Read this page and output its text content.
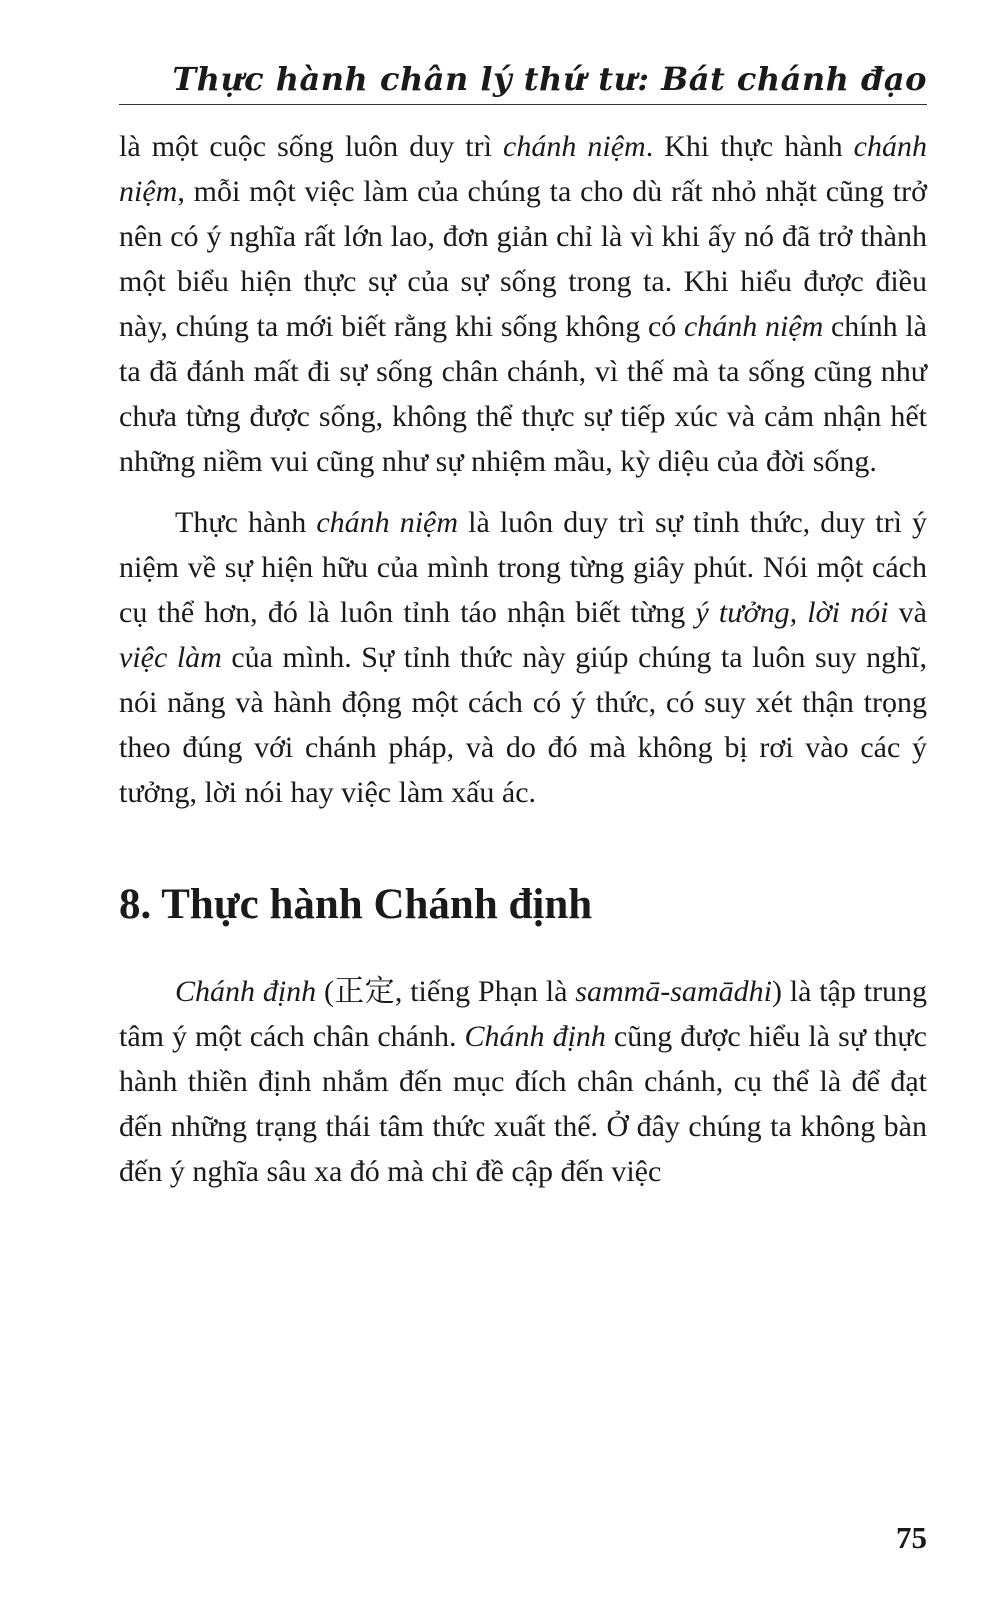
Thực hành chân lý thứ tư: Bát chánh đạo

là một cuộc sống luôn duy trì chánh niệm. Khi thực hành chánh niệm, mỗi một việc làm của chúng ta cho dù rất nhỏ nhặt cũng trở nên có ý nghĩa rất lớn lao, đơn giản chỉ là vì khi ấy nó đã trở thành một biểu hiện thực sự của sự sống trong ta. Khi hiểu được điều này, chúng ta mới biết rằng khi sống không có chánh niệm chính là ta đã đánh mất đi sự sống chân chánh, vì thế mà ta sống cũng như chưa từng được sống, không thể thực sự tiếp xúc và cảm nhận hết những niềm vui cũng như sự nhiệm mầu, kỳ diệu của đời sống.

Thực hành chánh niệm là luôn duy trì sự tỉnh thức, duy trì ý niệm về sự hiện hữu của mình trong từng giây phút. Nói một cách cụ thể hơn, đó là luôn tỉnh táo nhận biết từng ý tưởng, lời nói và việc làm của mình. Sự tỉnh thức này giúp chúng ta luôn suy nghĩ, nói năng và hành động một cách có ý thức, có suy xét thận trọng theo đúng với chánh pháp, và do đó mà không bị rơi vào các ý tưởng, lời nói hay việc làm xấu ác.

8. Thực hành Chánh định

Chánh định (正定, tiếng Phạn là sammā-samādhi) là tập trung tâm ý một cách chân chánh. Chánh định cũng được hiểu là sự thực hành thiền định nhắm đến mục đích chân chánh, cụ thể là để đạt đến những trạng thái tâm thức xuất thế. Ở đây chúng ta không bàn đến ý nghĩa sâu xa đó mà chỉ đề cập đến việc

75
